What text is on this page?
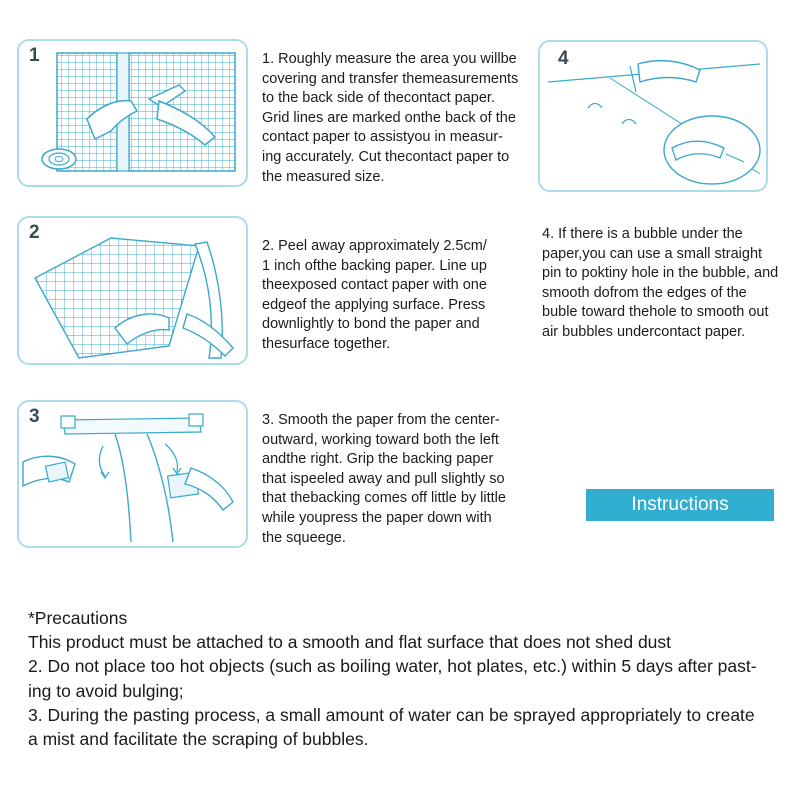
1	1. Roughly measure the area you willbe
covering and transfer themeasurements
to the back side of thecontact paper.
Grid lines are marked onthe back of the
contact paper to assistyou in measur-
ing accurately. Cut thecontact paper to
the measured size.

2

2. Peel away approximately 2.5cm/
1 inch ofthe backing paper. Line up
theexposed contact paper with one
edgeof the applying surface. Press
downlightly to bond the paper and
thesurface together.

3	3. Smooth the paper from the center-
outward, working toward both the left
andthe right. Grip the backing paper
that ispeeled away and pull slightly so
that thebacking comes off little by little
while youpress the paper down with
the squeege.

4

4. If there is a bubble under the
paper,you can use a small straight
pin to poktiny hole in the bubble, and
smooth dofrom the edges of the
buble toward thehole to smooth out
air bubbles undercontact paper.

Instructions

*Precautions
This product must be attached to a smooth and flat surface that does not shed dust
2. Do not place too hot objects (such as boiling water, hot plates, etc.) within 5 days after past-
ing to avoid bulging;
3. During the pasting process, a small amount of water can be sprayed appropriately to create
a mist and facilitate the scraping of bubbles.
